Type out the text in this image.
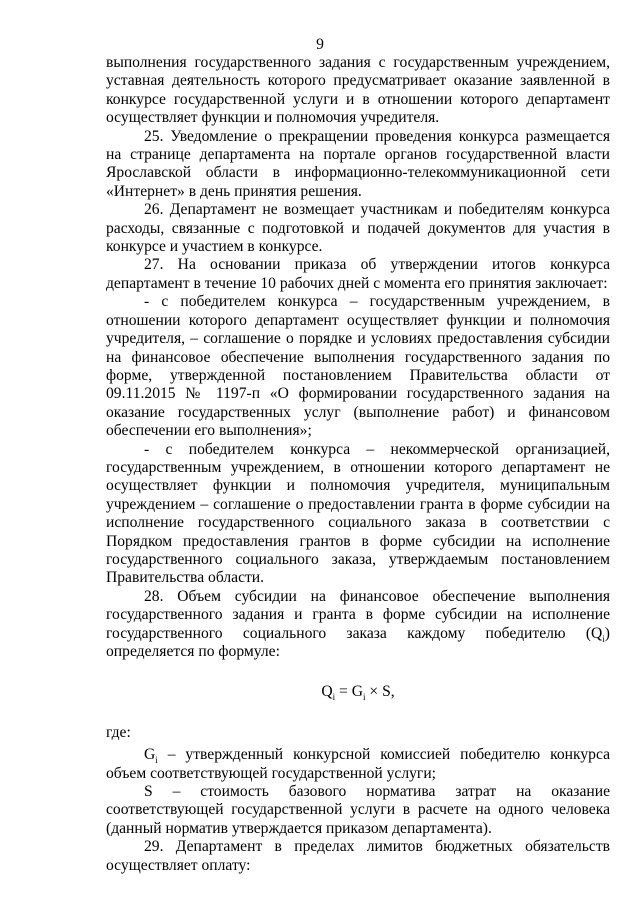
9

выполнения государственного задания с государственным учреждением, уставная деятельность которого предусматривает оказание заявленной в конкурсе государственной услуги и в отношении которого департамент осуществляет функции и полномочия учредителя.

25. Уведомление о прекращении проведения конкурса размещается на странице департамента на портале органов государственной власти Ярославской области в информационно-телекоммуникационной сети «Интернет» в день принятия решения.

26. Департамент не возмещает участникам и победителям конкурса расходы, связанные с подготовкой и подачей документов для участия в конкурсе и участием в конкурсе.

27. На основании приказа об утверждении итогов конкурса департамент в течение 10 рабочих дней с момента его принятия заключает:

- с победителем конкурса – государственным учреждением, в отношении которого департамент осуществляет функции и полномочия учредителя, – соглашение о порядке и условиях предоставления субсидии на финансовое обеспечение выполнения государственного задания по форме, утвержденной постановлением Правительства области от 09.11.2015 № 1197-п «О формировании государственного задания на оказание государственных услуг (выполнение работ) и финансовом обеспечении его выполнения»;

- с победителем конкурса – некоммерческой организацией, государственным учреждением, в отношении которого департамент не осуществляет функции и полномочия учредителя, муниципальным учреждением – соглашение о предоставлении гранта в форме субсидии на исполнение государственного социального заказа в соответствии с Порядком предоставления грантов в форме субсидии на исполнение государственного социального заказа, утверждаемым постановлением Правительства области.

28. Объем субсидии на финансовое обеспечение выполнения государственного задания и гранта в форме субсидии на исполнение государственного социального заказа каждому победителю $(Q_i)$ определяется по формуле:

$Q_i = G_i \times S$,

где:

$G_i$ – утвержденный конкурсной комиссией победителю конкурса объем соответствующей государственной услуги;

S – стоимость базового норматива затрат на оказание соответствующей государственной услуги в расчете на одного человека (данный норматив утверждается приказом департамента).

29. Департамент в пределах лимитов бюджетных обязательств осуществляет оплату:
